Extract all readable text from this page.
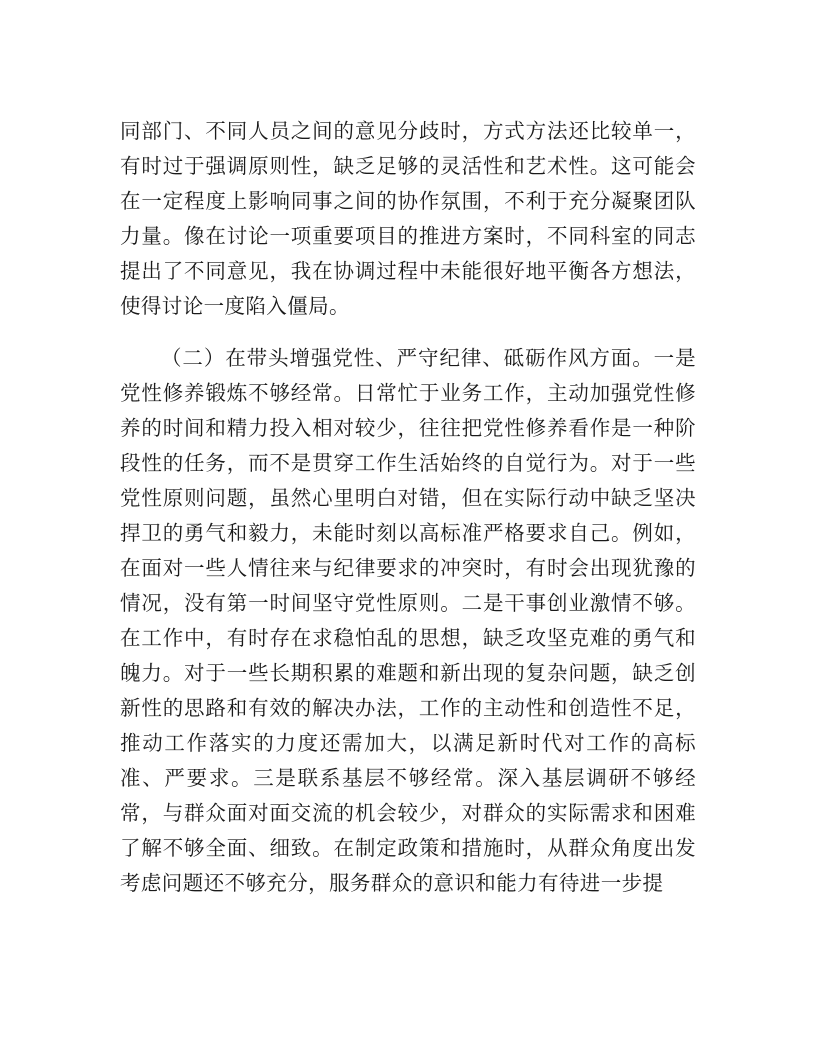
同部门、不同人员之间的意见分歧时，方式方法还比较单一，有时过于强调原则性，缺乏足够的灵活性和艺术性。这可能会在一定程度上影响同事之间的协作氛围，不利于充分凝聚团队力量。像在讨论一项重要项目的推进方案时，不同科室的同志提出了不同意见，我在协调过程中未能很好地平衡各方想法，使得讨论一度陷入僵局。

（二）在带头增强党性、严守纪律、砥砺作风方面。一是党性修养锻炼不够经常。日常忙于业务工作，主动加强党性修养的时间和精力投入相对较少，往往把党性修养看作是一种阶段性的任务，而不是贯穿工作生活始终的自觉行为。对于一些党性原则问题，虽然心里明白对错，但在实际行动中缺乏坚决捍卫的勇气和毅力，未能时刻以高标准严格要求自己。例如，在面对一些人情往来与纪律要求的冲突时，有时会出现犹豫的情况，没有第一时间坚守党性原则。二是干事创业激情不够。在工作中，有时存在求稳怕乱的思想，缺乏攻坚克难的勇气和魄力。对于一些长期积累的难题和新出现的复杂问题，缺乏创新性的思路和有效的解决办法，工作的主动性和创造性不足，推动工作落实的力度还需加大，以满足新时代对工作的高标准、严要求。三是联系基层不够经常。深入基层调研不够经常，与群众面对面交流的机会较少，对群众的实际需求和困难了解不够全面、细致。在制定政策和措施时，从群众角度出发考虑问题还不够充分，服务群众的意识和能力有待进一步提
